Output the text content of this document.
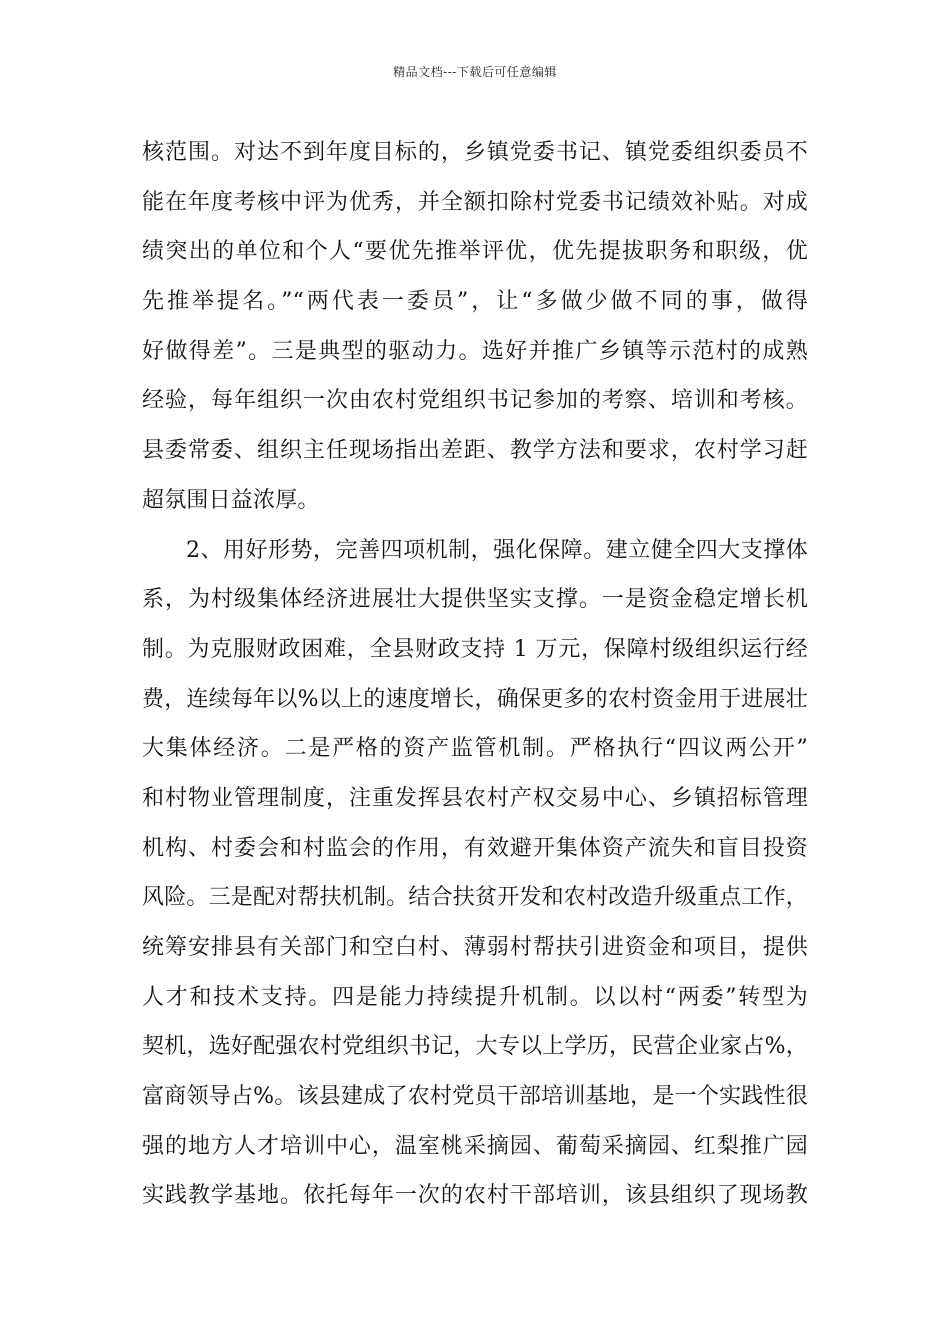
精品文档---下载后可任意编辑
核范围。对达不到年度目标的，乡镇党委书记、镇党委组织委员不
能在年度考核中评为优秀，并全额扣除村党委书记绩效补贴。对成
绩突出的单位和个人“要优先推举评优，优先提拔职务和职级，优
先推举提名。”“两代表一委员”，让“多做少做不同的事，做得
好做得差”。三是典型的驱动力。选好并推广乡镇等示范村的成熟
经验，每年组织一次由农村党组织书记参加的考察、培训和考核。
县委常委、组织主任现场指出差距、教学方法和要求，农村学习赶
超氛围日益浓厚。
2、用好形势，完善四项机制，强化保障。建立健全四大支撑体
系，为村级集体经济进展壮大提供坚实支撑。一是资金稳定增长机
制。为克服财政困难，全县财政支持 1 万元，保障村级组织运行经
费，连续每年以%以上的速度增长，确保更多的农村资金用于进展壮
大集体经济。二是严格的资产监管机制。严格执行“四议两公开”
和村物业管理制度，注重发挥县农村产权交易中心、乡镇招标管理
机构、村委会和村监会的作用，有效避开集体资产流失和盲目投资
风险。三是配对帮扶机制。结合扶贫开发和农村改造升级重点工作，
统筹安排县有关部门和空白村、薄弱村帮扶引进资金和项目，提供
人才和技术支持。四是能力持续提升机制。以以村“两委”转型为
契机，选好配强农村党组织书记，大专以上学历，民营企业家占%，
富商领导占%。该县建成了农村党员干部培训基地，是一个实践性很
强的地方人才培训中心，温室桃采摘园、葡萄采摘园、红梨推广园
实践教学基地。依托每年一次的农村干部培训，该县组织了现场教
